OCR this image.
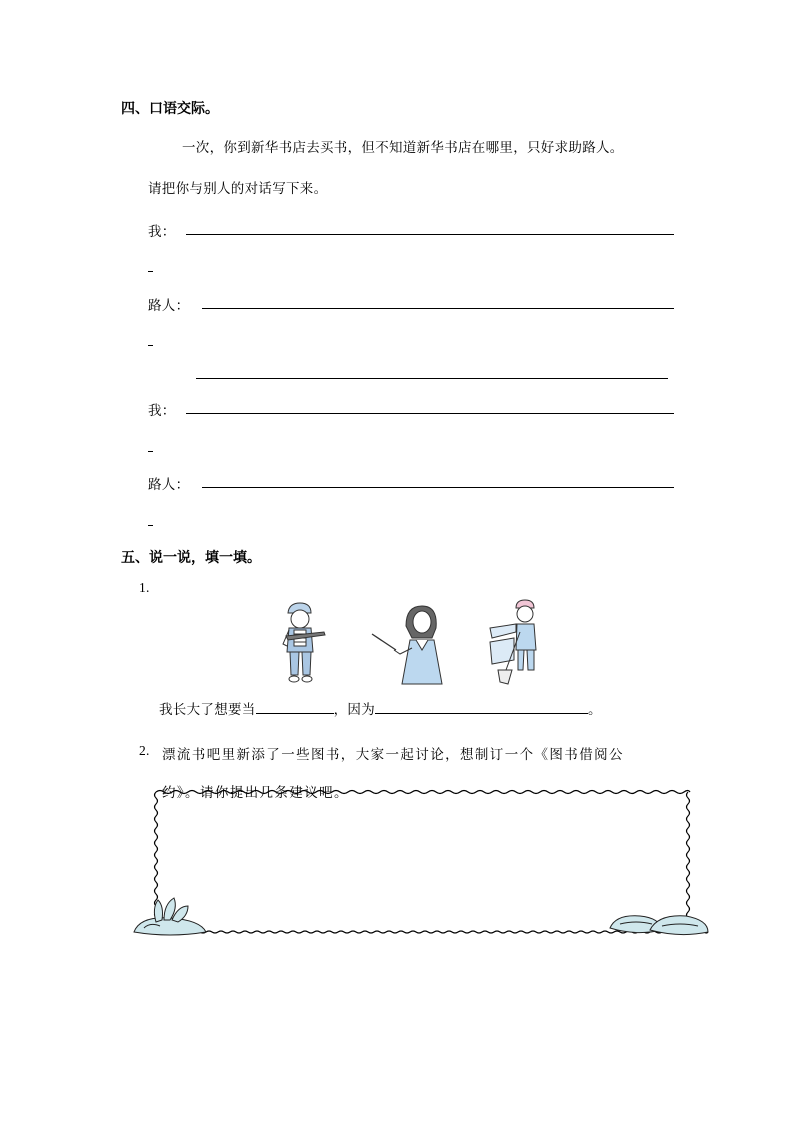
四、口语交际。
一次，你到新华书店去买书，但不知道新华书店在哪里，只好求助路人。
请把你与别人的对话写下来。
我：
路人：
我：
路人：
五、说一说，填一填。
1.
我长大了想要当	，因为	。
2. 漂流书吧里新添了一些图书，大家一起讨论，想制订一个《图书借阅公
约》。请你提出几条建议吧。
